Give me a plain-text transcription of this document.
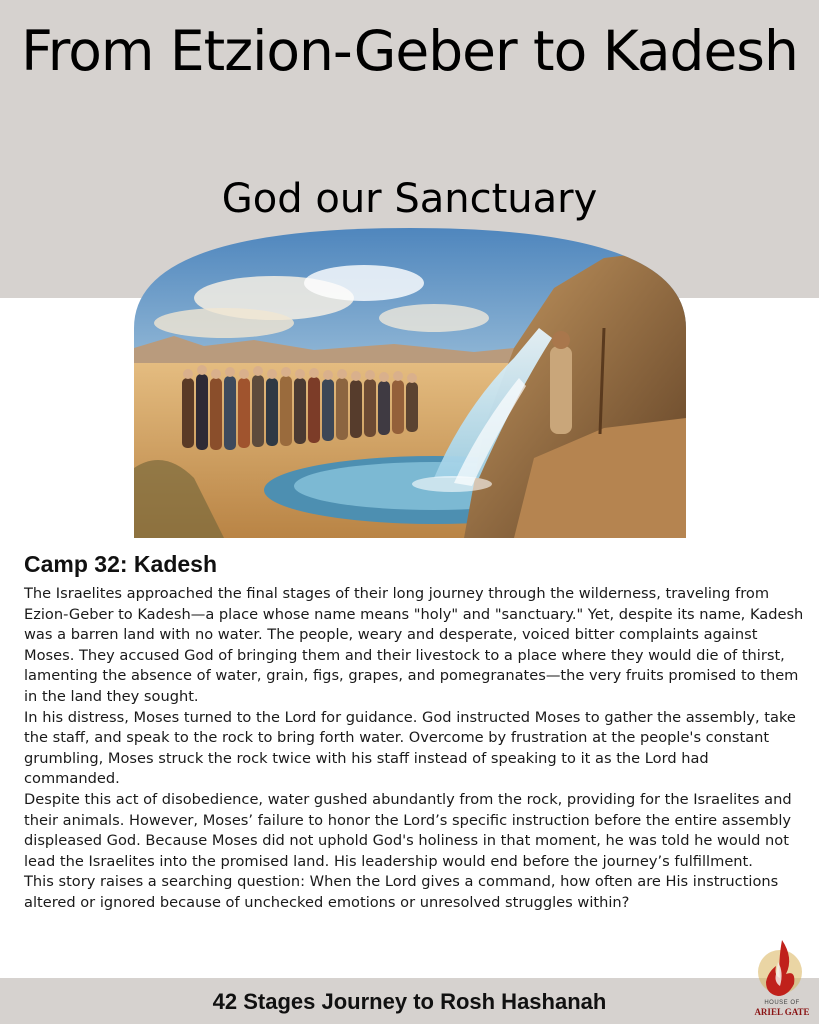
From Etzion-Geber to Kadesh
God our Sanctuary
Camp 32: Kadesh

The Israelites approached the final stages of their long journey through the wilderness, traveling from Ezion-Geber to Kadesh—a place whose name means "holy" and "sanctuary." Yet, despite its name, Kadesh was a barren land with no water. The people, weary and desperate, voiced bitter complaints against Moses. They accused God of bringing them and their livestock to a place where they would die of thirst, lamenting the absence of water, grain, figs, grapes, and pomegranates—the very fruits promised to them in the land they sought.

In his distress, Moses turned to the Lord for guidance. God instructed Moses to gather the assembly, take the staff, and speak to the rock to bring forth water. Overcome by frustration at the people's constant grumbling, Moses struck the rock twice with his staff instead of speaking to it as the Lord had commanded.

Despite this act of disobedience, water gushed abundantly from the rock, providing for the Israelites and their animals. However, Moses’ failure to honor the Lord’s specific instruction before the entire assembly displeased God. Because Moses did not uphold God's holiness in that moment, he was told he would not lead the Israelites into the promised land. His leadership would end before the journey’s fulfillment.

This story raises a searching question: When the Lord gives a command, how often are His instructions altered or ignored because of unchecked emotions or unresolved struggles within?

42 Stages Journey to Rosh Hashanah	HOUSE OF
ARIEL GATE
